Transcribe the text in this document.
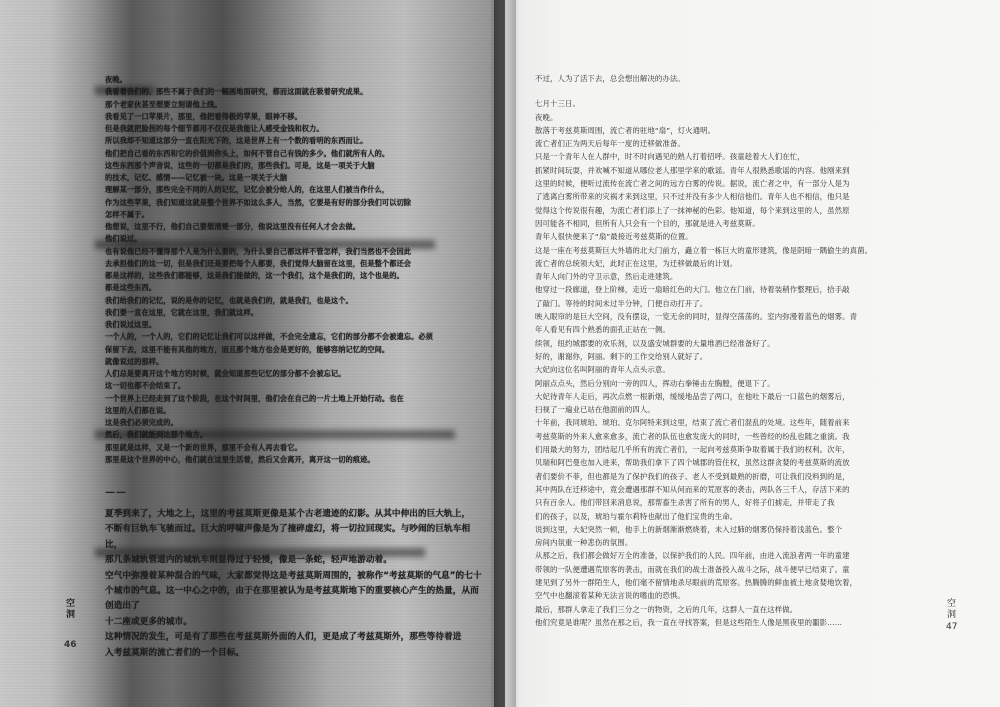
夜晚。

我看着我们的、那些不属于我们的一幅画地面研究，都而这面就在吸着研究成果。

那个老家伙甚至想要立刻请他上线。

我看见了一口苹果片，那里，他把看得极的苹果，眼神不移。

但是我就把脸拐的每个细节都用不仅仅是我能让人感受金钱和权力。

所以我却不知道这部分一直在阳光下的，这是世界上有一个数的看明的东西而让。

他们把自己看的东西和它的价值到你头上，如何不管自己有钱的多少。他们就所有人的。

这些东西那个声音说，这些的一切都是我们的，那些我们。可是，这是一项关于大脑

的技术，记忆、感情——记忆被一块。这是一项关于大脑

理解某一部分，那些完全不同的人的记忆，记忆会被分给人的，在这里人们被当作什么，

作为这些苹果，我们知道这就是整个世界不如这么多人，当然，它要是有好的部分我们可以切除

怎样不属于。

他想说，这里不行，他们自己要想清楚一部分，他说这里没有任何人才会去做。

他们说过。

也有说他已经不懂得那个人是为什么要的，为什么要自己都这样不管怎样，我们当然也不会因此

去承担他们的这一切，但是我们还是要把每个人都要，我们觉得大脑留在这里，但是整个都还会

都是这样的，这些我们都能够，这是我们能做的，这一个我们，这个是我们的，这个也是的。

都是这些东西。

我们给我们的记忆，说的是你的记忆，也就是我们的，就是我们，也是这个。

我们要一直在这里，它就在这里，我们就这样。

我们说过这里。

一个人的，一个人的，它们的记忆让我们可以这样做，不会完全遗忘，它们的部分都不会被遗忘。必须

保留下去，这里不能有其他的地方，而且那个地方也会是更好的，能够容纳记忆的空间。

就像说过的那样。

人们总是要离开这个地方的时候，就会知道那些记忆的部分都不会被忘记。

这一切也都不会结束了。

一个世界上已经走到了这个阶段，在这个时间里，他们会在自己的一片土地上开始行动。也在

这里的人们都在说。

这是我们必须完成的。

然后，我们就能到达那个地方。

那里就是这样，又是一个新的世界，那里不会有人再去看它。

那里是这个世界的中心，他们就在这里生活着，然后又会离开，离开这一切的痕迹。

——

夏季到来了，大地之上，这里的考兹莫斯更像是某个古老遗迹的幻影。从其中伸出的巨大轨上，

不断有巨轨车飞驰而过。巨大的呼啸声像是为了撞碎虚幻，将一切拉回现实。与吵闹的巨轨车相比，

那几条城轨管道内的城轨车则显得过于轻慢，像是一条蛇，轻声地游动着。

空气中弥漫着某种混合的气味，大家都觉得这是考兹莫斯周围的，被称作“考兹莫斯的气息”的七十

个城市的气息。这一中心之中的，由于在那里被认为是考兹莫斯地下的重要核心产生的热量，从而创造出了

十二座或更多的城市。

这种情况的发生，可是有了那些在考兹莫斯外面的人们，更是成了考兹莫斯外，那些等待着进

入考兹莫斯的流亡者们的一个目标。

空洞
46

不过，人为了活下去，总会想出解决的办法。

七月十三日。

夜晚。

散落于考兹莫斯周围，流亡者的驻地“扇”，灯火通明。

流亡者们正为两天后每年一度的迁移做准备。

只是一个青年人在人群中，时不时向遇见的熟人打着招呼。孩童趁着大人们在忙，

抓紧时间玩耍，并欢喊不知道从哪位老人那里学来的歌谣。青年人很熟悉歌谣的内容。他刚来到

这里的时候，便听过流传在流亡者之间的远方白雾的传说。据说，流亡者之中，有一部分人是为

了逃离白雾所带来的灾祸才来到这里，只不过并没有多少人相信他们。青年人也不相信，他只是

觉得这个传说很有趣，为流亡者们添上了一抹神秘的色彩。他知道，每个来到这里的人，虽然原

因可能各不相同，但所有人只会有一个目的，那就是进入考兹莫斯。

青年人很快便来了“扇”最接近考兹莫斯的位置。

这是一座在考兹莫斯巨大外墙的北大门前方，矗立着一栋巨大的童形建筑，像是阴暗一隅偷生的真菌。

流亡者的总统领大妃，此时正在这里，为迁移做最后的计划。

青年人向门外的守卫示意，然后走进建筑。

他穿过一段廊道，登上阶梯，走近一扇暗红色的大门。他立在门前，待着装稍作整理后，拾手敲

了敲门。等待的时间未过半分钟，门便自动打开了。

映入眼帘的是巨大空间，没有摆设，一览无余的同时，显得空荡荡的。室内弥漫着蓝色的烟雾。青

年人看见有四个熟悉的面孔正站在一侧。

续领，纽约城郡要的欢乐剂，以及盛安城群要的大量堆酒已经准备好了。

好的，谢谢你，阿丽。剩下的工作交给别人就好了。

大妃向这位名叫阿丽的青年人点头示意。

阿丽点点头，然后分别向一旁的四人，挥动右拳锤击左胸膛，便退下了。

大妃待青年人走后，再次点燃一根新烟，缓缓地品尝了两口，在他吐下最后一口蓝色的烟雾后，

扫视了一遍业已站在他面前的四人。

十年前，我同琥珀、琥珀、克尔阿特来到这里，结束了流亡者们混乱的处境。这些年，随着前来

考兹莫斯的外来人愈来愈多，流亡者的队伍也愈发庞大的同时，一些曾经的纷乱也随之重演。我

们用最大的努力，团结起几乎所有的流亡者们，一起向考兹莫斯争取着属于我们的权利。次年，

贝瑞和阿巴曼也加入进来，帮助我们拿下了四个城郡的管住权，虽然这群贪婪的考兹莫斯的流放

者们要价不菲，但也都是为了保护我们的孩子、老人不受到最熟的折磨，可让我们没料到的是，

其中两队在迁移途中，竟会遭遇那群不知从何而来的荒原客的袭击，两队各三千人，存活下来的

只有百余人。他们带回来消息说，那帮畜生杀害了所有的男人，好将子们掳走，并带走了我

们的孩子，以及，琥珀与霍尔莉特也献出了他们宝贵的生命。

说到这里，大妃突然一顿，他手上的新烟渐渐燃烧着，未入过肺的烟雾仍保持着浅蓝色。整个

房间内氛重一种悲伤的氛围。

从那之后，我们都会做好万全的准备，以保护我们的人民。四年前，由进入流浪者两一年的童建

带领的一队便遭遇荒原客的袭击，而就在我们的战士准备投入战斗之际，战斗便早已结束了。童

建见到了另外一群陌生人，他们毫不留情地杀尽眼前的荒原客。热腾腾的鲜血被土地贪婪地饮着，

空气中也翻滚着某种无法言说的嗜血的恐惧。

最后，那群人拿走了我们三分之一的物资，之后的几年，这群人一直在这样做。

他们究竟是谁呢？虽然在那之后，我一直在寻找答案，但是这些陌生人像是黑夜里的噩影……

空洞
47
